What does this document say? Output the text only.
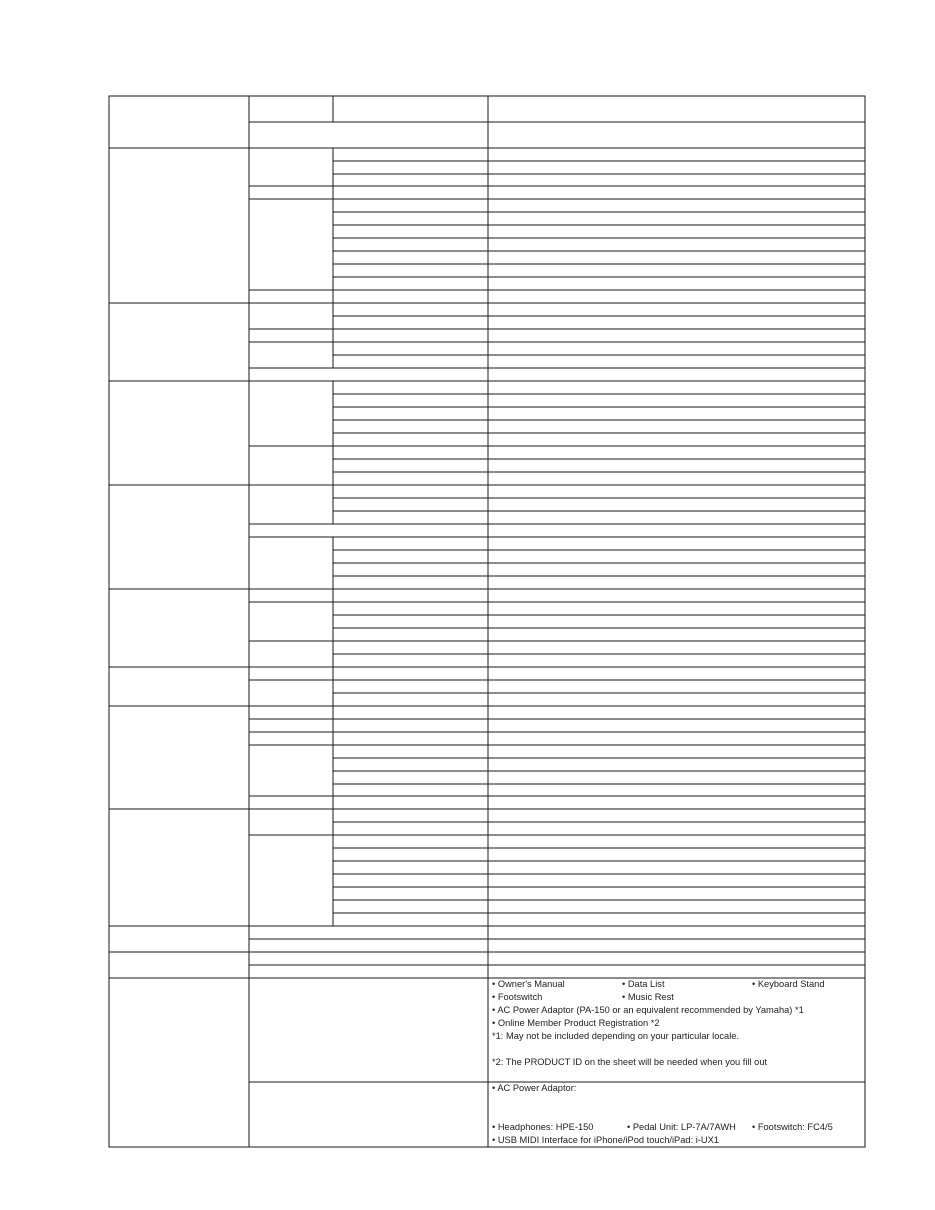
• Owner's Manual	• Data List	• Keyboard Stand
• Footswitch	• Music Rest
• AC Power Adaptor (PA-150 or an equivalent recommended by Yamaha) *1
• Online Member Product Registration *2
*1: May not be included depending on your particular locale.
*2: The PRODUCT ID on the sheet will be needed when you fill out
• AC Power Adaptor:
• Headphones: HPE-150	• Pedal Unit: LP-7A/7AWH • Footswitch: FC4/5
• USB MIDI Interface for iPhone/iPod touch/iPad: i-UX1
